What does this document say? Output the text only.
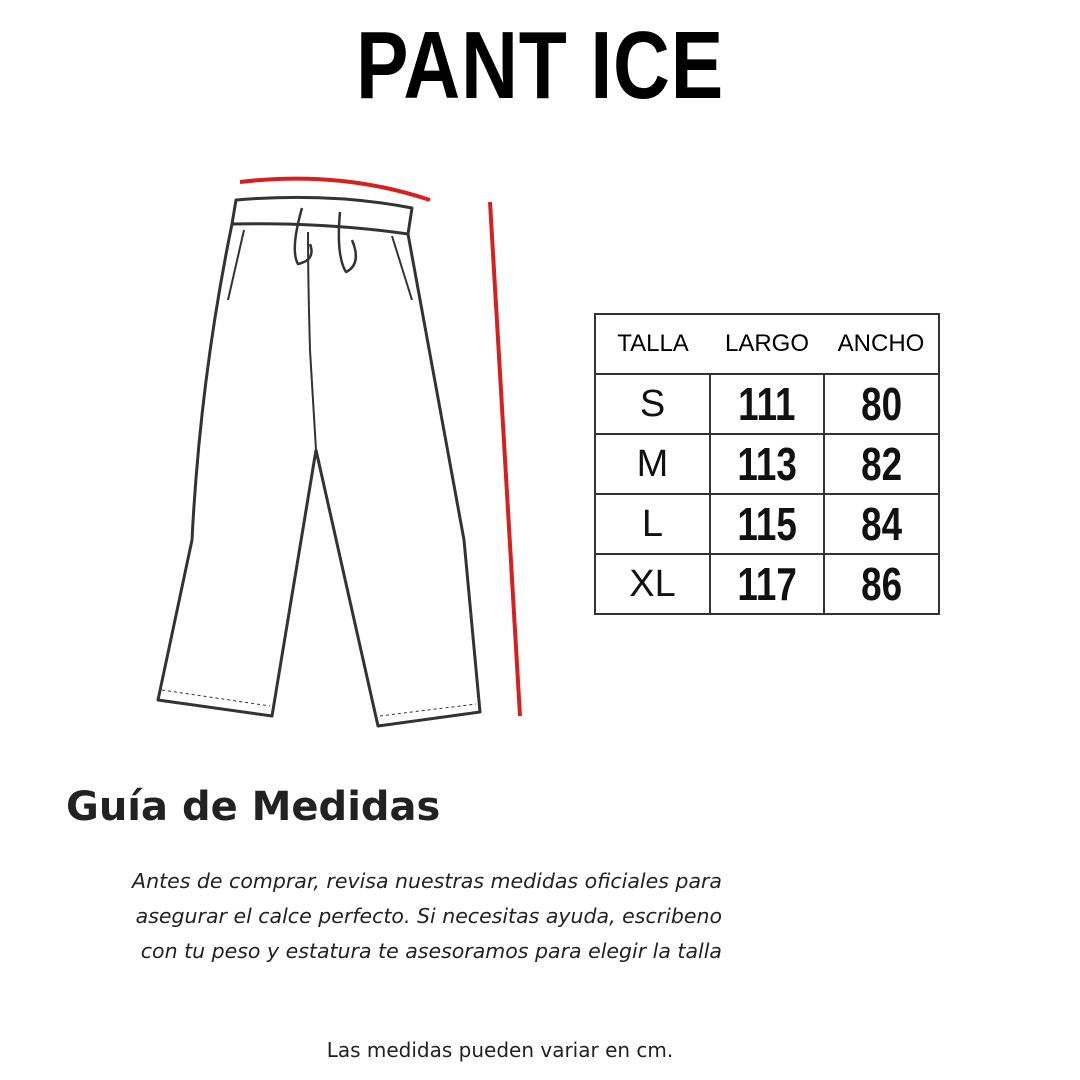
PANT ICE
TALLA	LARGO	ANCHO
S	111	80
M	113	82
L	115	84
XL	117	86
Guía de Medidas
Antes de comprar, revisa nuestras medidas oficiales para
asegurar el calce perfecto. Si necesitas ayuda, escribeno
con tu peso y estatura te asesoramos para elegir la talla
Las medidas pueden variar en cm.
